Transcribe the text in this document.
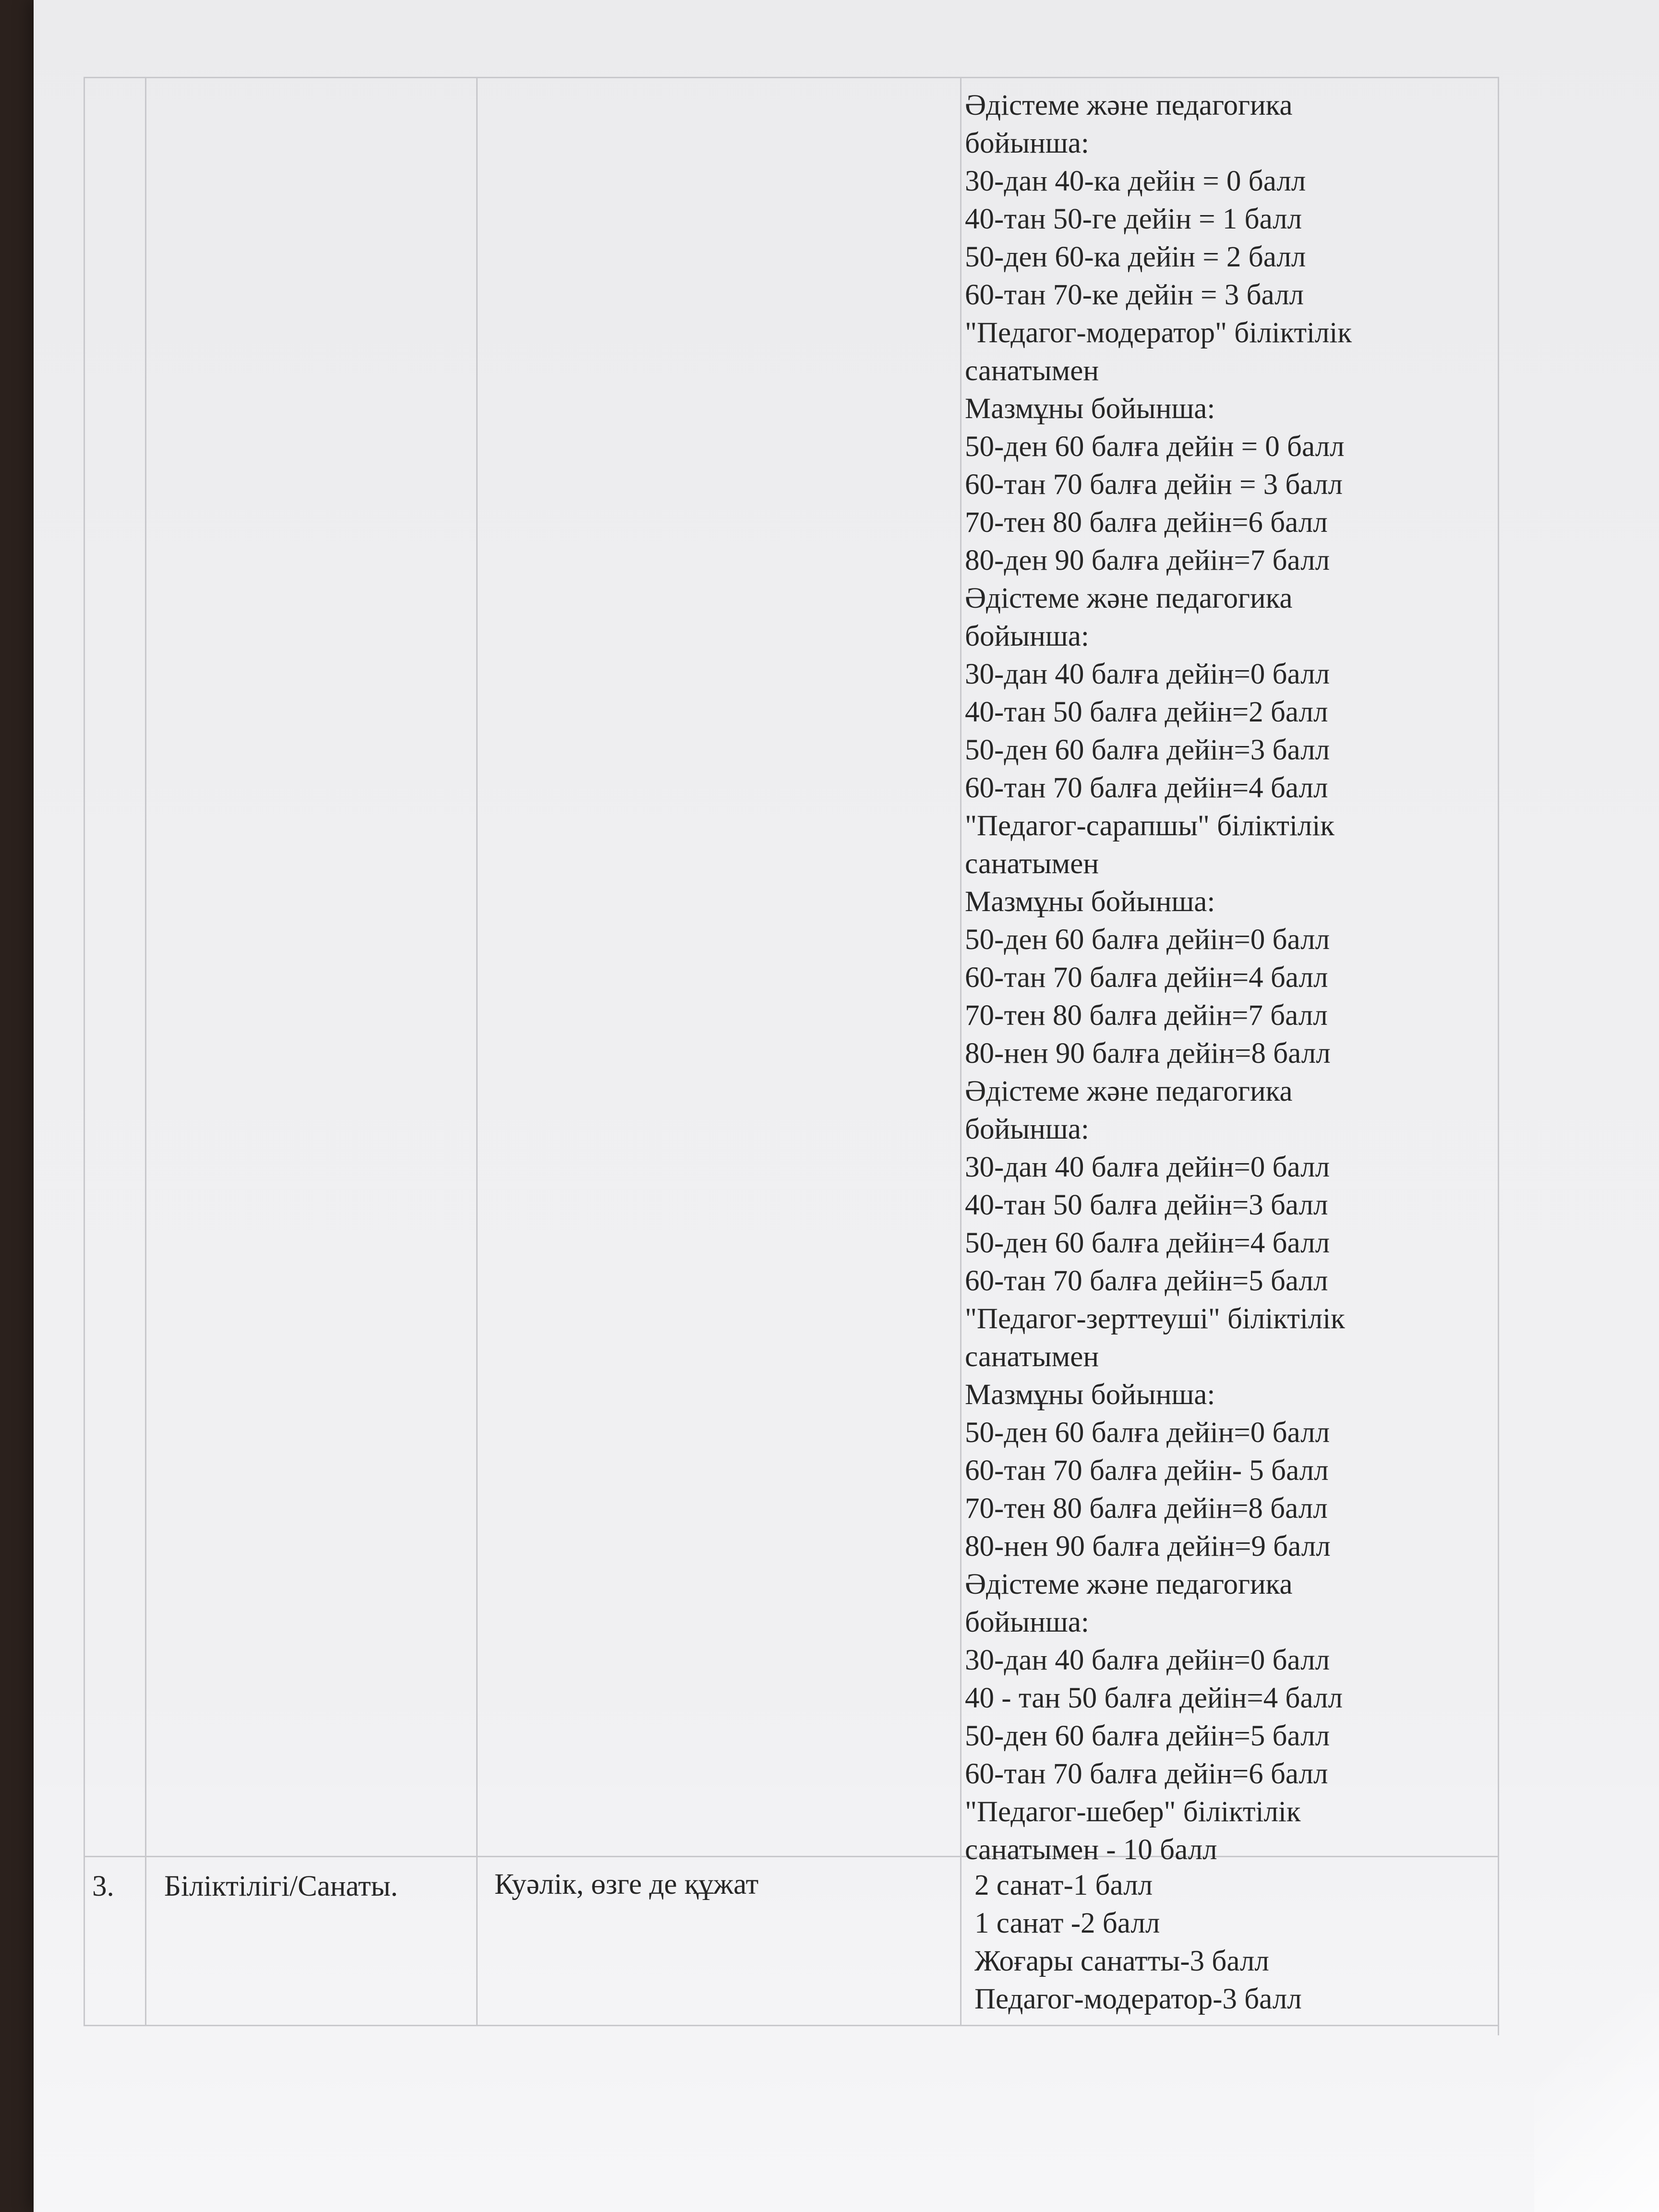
Әдістеме және педагогика
бойынша:
30-дан 40-ка дейін = 0 балл
40-тан 50-ге дейін = 1 балл
50-ден 60-ка дейін = 2 балл
60-тан 70-ке дейін = 3 балл
"Педагог-модератор" біліктілік
санатымен
Мазмұны бойынша:
50-ден 60 балға дейін = 0 балл
60-тан 70 балға дейін = 3 балл
70-тен 80 балға дейін=6 балл
80-ден 90 балға дейін=7 балл
Әдістеме және педагогика
бойынша:
30-дан 40 балға дейін=0 балл
40-тан 50 балға дейін=2 балл
50-ден 60 балға дейін=3 балл
60-тан 70 балға дейін=4 балл
"Педагог-сарапшы" біліктілік
санатымен
Мазмұны бойынша:
50-ден 60 балға дейін=0 балл
60-тан 70 балға дейін=4 балл
70-тен 80 балға дейін=7 балл
80-нен 90 балға дейін=8 балл
Әдістеме және педагогика
бойынша:
30-дан 40 балға дейін=0 балл
40-тан 50 балға дейін=3 балл
50-ден 60 балға дейін=4 балл
60-тан 70 балға дейін=5 балл
"Педагог-зерттеуші" біліктілік
санатымен
Мазмұны бойынша:
50-ден 60 балға дейін=0 балл
60-тан 70 балға дейін- 5 балл
70-тен 80 балға дейін=8 балл
80-нен 90 балға дейін=9 балл
Әдістеме және педагогика
бойынша:
30-дан 40 балға дейін=0 балл
40 - тан 50 балға дейін=4 балл
50-ден 60 балға дейін=5 балл
60-тан 70 балға дейін=6 балл
"Педагог-шебер" біліктілік
санатымен - 10 балл
3. Біліктілігі/Санаты.	Куәлік, өзге де құжат	2 санат-1 балл
1 санат -2 балл
Жоғары санатты-3 балл
Педагог-модератор-3 балл
